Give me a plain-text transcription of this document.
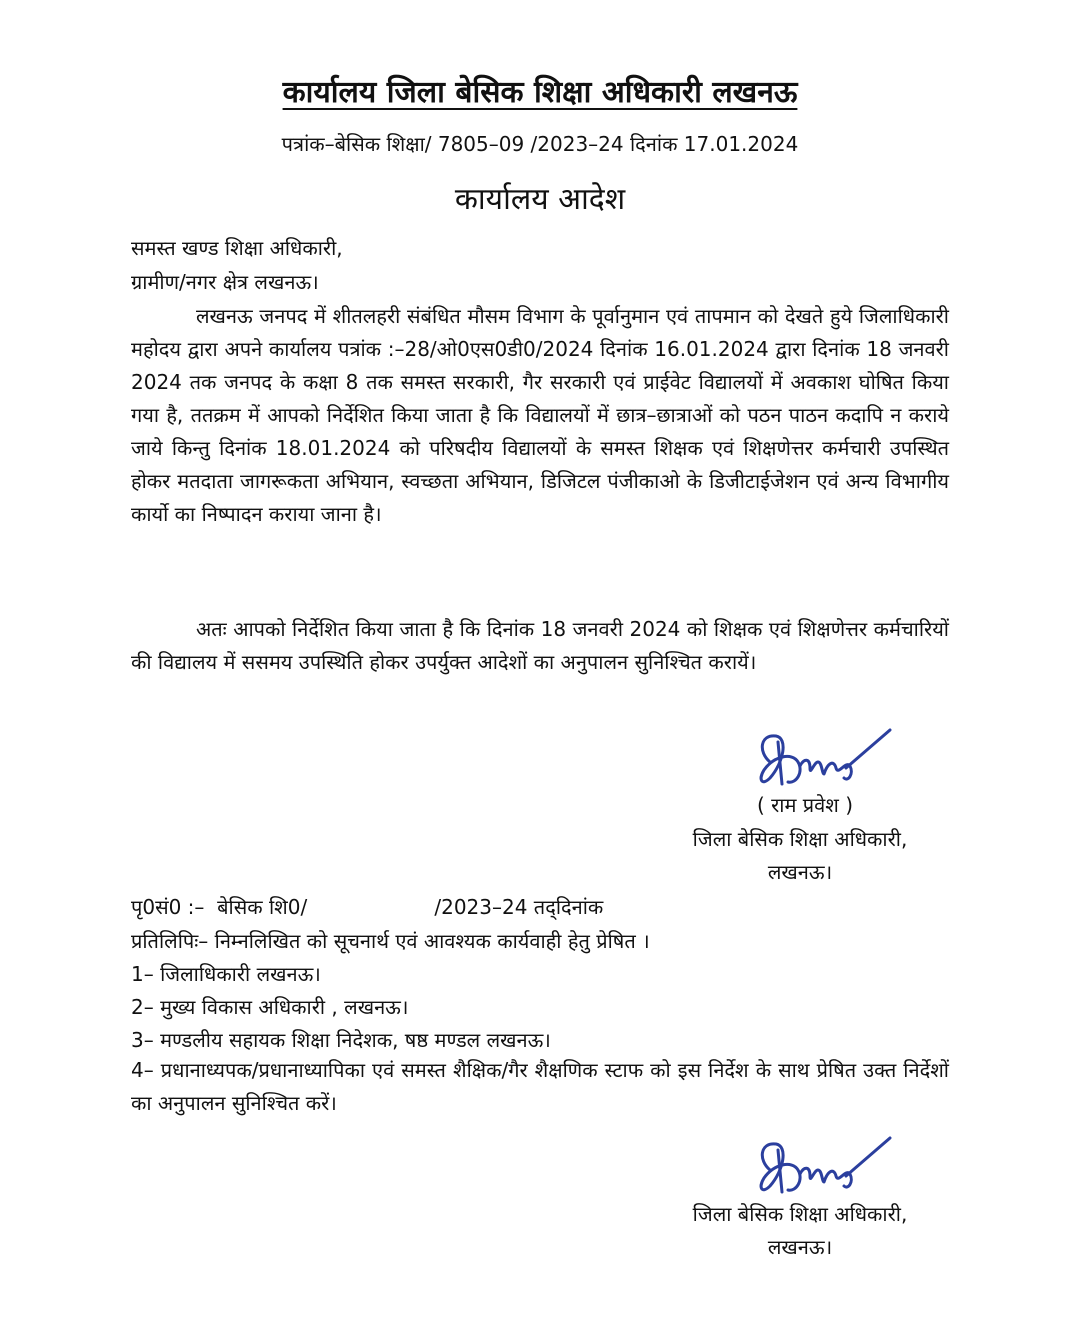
कार्यालय जिला बेसिक शिक्षा अधिकारी लखनऊ
पत्रांक–बेसिक शिक्षा/ 7805–09 /2023–24 दिनांक 17.01.2024
कार्यालय आदेश
समस्त खण्ड शिक्षा अधिकारी,
ग्रामीण/नगर क्षेत्र लखनऊ।
लखनऊ जनपद में शीतलहरी संबंधित मौसम विभाग के पूर्वानुमान एवं तापमान को देखते हुये जिलाधिकारी महोदय द्वारा अपने कार्यालय पत्रांक :–28/ओ0एस0डी0/2024 दिनांक 16.01.2024 द्वारा दिनांक 18 जनवरी 2024 तक जनपद के कक्षा 8 तक समस्त सरकारी, गैर सरकारी एवं प्राईवेट विद्यालयों में अवकाश घोषित किया गया है, ततक्रम में आपको निर्देशित किया जाता है कि विद्यालयों में छात्र–छात्राओं को पठन पाठन कदापि न कराये जाये किन्तु दिनांक 18.01.2024 को परिषदीय विद्यालयों के समस्त शिक्षक एवं शिक्षणेत्तर कर्मचारी उपस्थित होकर मतदाता जागरूकता अभियान, स्वच्छता अभियान, डिजिटल पंजीकाओ के डिजीटाईजेशन एवं अन्य विभागीय कार्यो का निष्पादन कराया जाना है।
अतः आपको निर्देशित किया जाता है कि दिनांक 18 जनवरी 2024 को शिक्षक एवं शिक्षणेत्तर कर्मचारियों की विद्यालय में ससमय उपस्थिति होकर उपर्युक्त आदेशों का अनुपालन सुनिश्चित करायें।
( राम प्रवेश )
जिला बेसिक शिक्षा अधिकारी,
लखनऊ।
पृ0सं0 :–  बेसिक शि0/                    /2023–24 तद्‌दिनांक
प्रतिलिपिः– निम्नलिखित को सूचनार्थ एवं आवश्यक कार्यवाही हेतु प्रेषित ।
1– जिलाधिकारी लखनऊ।
2– मुख्य विकास अधिकारी , लखनऊ।
3– मण्डलीय सहायक शिक्षा निदेशक, षष्ठ मण्डल लखनऊ।
4– प्रधानाध्यपक/प्रधानाध्यापिका एवं समस्त शैक्षिक/गैर शैक्षणिक स्टाफ को इस निर्देश के साथ प्रेषित उक्त निर्देशों का अनुपालन सुनिश्चित करें।
जिला बेसिक शिक्षा अधिकारी,
लखनऊ।
